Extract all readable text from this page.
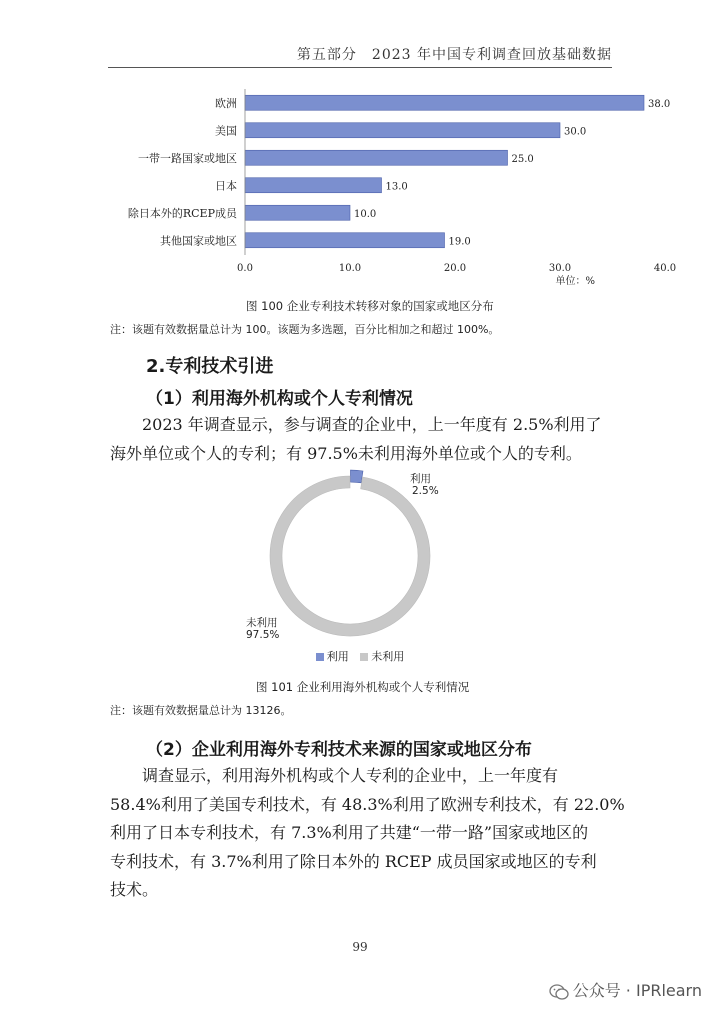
第五部分　2023 年中国专利调查回放基础数据
欧洲
美国
一带一路国家或地区
日本
除日本外的RCEP成员
其他国家或地区
38.0
30.0
25.0
13.0
10.0
19.0
0.0	10.0	20.0	30.0	40.0
单位：%
图 100 企业专利技术转移对象的国家或地区分布
注：该题有效数据量总计为 100。该题为多选题，百分比相加之和超过 100%。
2.专利技术引进
（1）利用海外机构或个人专利情况
2023 年调查显示，参与调查的企业中，上一年度有 2.5%利用了
海外单位或个人的专利；有 97.5%未利用海外单位或个人的专利。
利用
2.5%
未利用
97.5%
利用 未利用
图 101 企业利用海外机构或个人专利情况
注：该题有效数据量总计为 13126。
（2）企业利用海外专利技术来源的国家或地区分布
调查显示，利用海外机构或个人专利的企业中，上一年度有
58.4%利用了美国专利技术，有 48.3%利用了欧洲专利技术，有 22.0%
利用了日本专利技术，有 7.3%利用了共建“一带一路”国家或地区的
专利技术，有 3.7%利用了除日本外的 RCEP 成员国家或地区的专利
技术。
99
公众号 · IPRlearn
